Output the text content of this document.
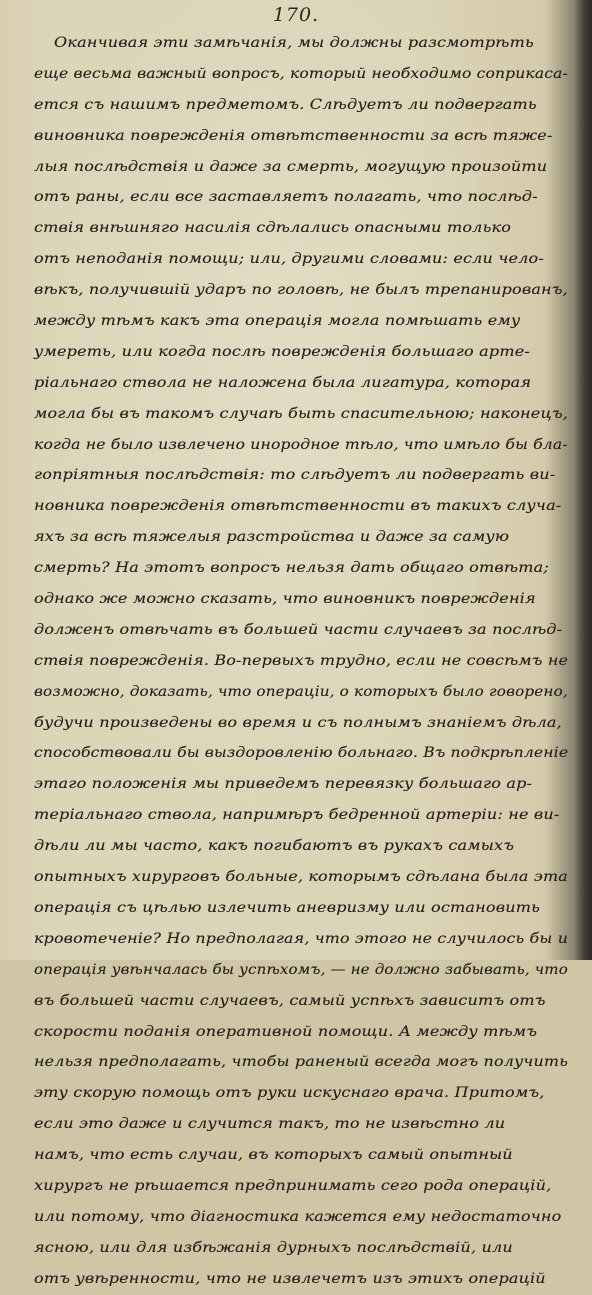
170.
Оканчивая эти замѣчанія, мы должны разсмотрѣть
еще весьма важный вопросъ, который необходимо соприкаса-
ется съ нашимъ предметомъ. Слѣдуетъ ли подвергать
виновника поврежденія отвѣтственности за всѣ тяже-
лыя послѣдствія и даже за смерть, могущую произойти
отъ раны, если все заставляетъ полагать, что послѣд-
ствія внѣшняго насилія сдѣлались опасными только
отъ неподанія помощи; или, другими словами: если чело-
вѣкъ, получившій ударъ по головѣ, не былъ трепанированъ,
между тѣмъ какъ эта операція могла помѣшать ему
умереть, или когда послѣ поврежденія большаго арте-
ріальнаго ствола не наложена была лигатура, которая
могла бы въ такомъ случаѣ быть спасительною; наконецъ,
когда не было извлечено инородное тѣло, что имѣло бы бла-
гопріятныя послѣдствія: то слѣдуетъ ли подвергать ви-
новника поврежденія отвѣтственности въ такихъ случа-
яхъ за всѣ тяжелыя разстройства и даже за самую
смерть? На этотъ вопросъ нельзя дать общаго отвѣта;
однако же можно сказать, что виновникъ поврежденія
долженъ отвѣчать въ большей части случаевъ за послѣд-
ствія поврежденія. Во-первыхъ трудно, если не совсѣмъ не
возможно, доказать, что операціи, о которыхъ было говорено,
будучи произведены во время и съ полнымъ знаніемъ дѣла,
способствовали бы выздоровленію больнаго. Въ подкрѣпленіе
этаго положенія мы приведемъ перевязку большаго ар-
теріальнаго ствола, напримѣръ бедренной артеріи: не ви-
дѣли ли мы часто, какъ погибаютъ въ рукахъ самыхъ
опытныхъ хирурговъ больные, которымъ сдѣлана была эта
операція съ цѣлью излечить аневризму или остановить
кровотеченіе? Но предполагая, что этого не случилось бы и
операція увѣнчалась бы успѣхомъ, — не должно забывать, что
въ большей части случаевъ, самый успѣхъ зависитъ отъ
скорости поданія оперативной помощи. А между тѣмъ
нельзя предполагать, чтобы раненый всегда могъ получить
эту скорую помощь отъ руки искуснаго врача. Притомъ,
если это даже и случится такъ, то не извѣстно ли
намъ, что есть случаи, въ которыхъ самый опытный
хирургъ не рѣшается предпринимать сего рода операцій,
или потому, что діагностика кажется ему недостаточно
ясною, или для избѣжанія дурныхъ послѣдствій, или
отъ увѣренности, что не извлечетъ изъ этихъ операцій
